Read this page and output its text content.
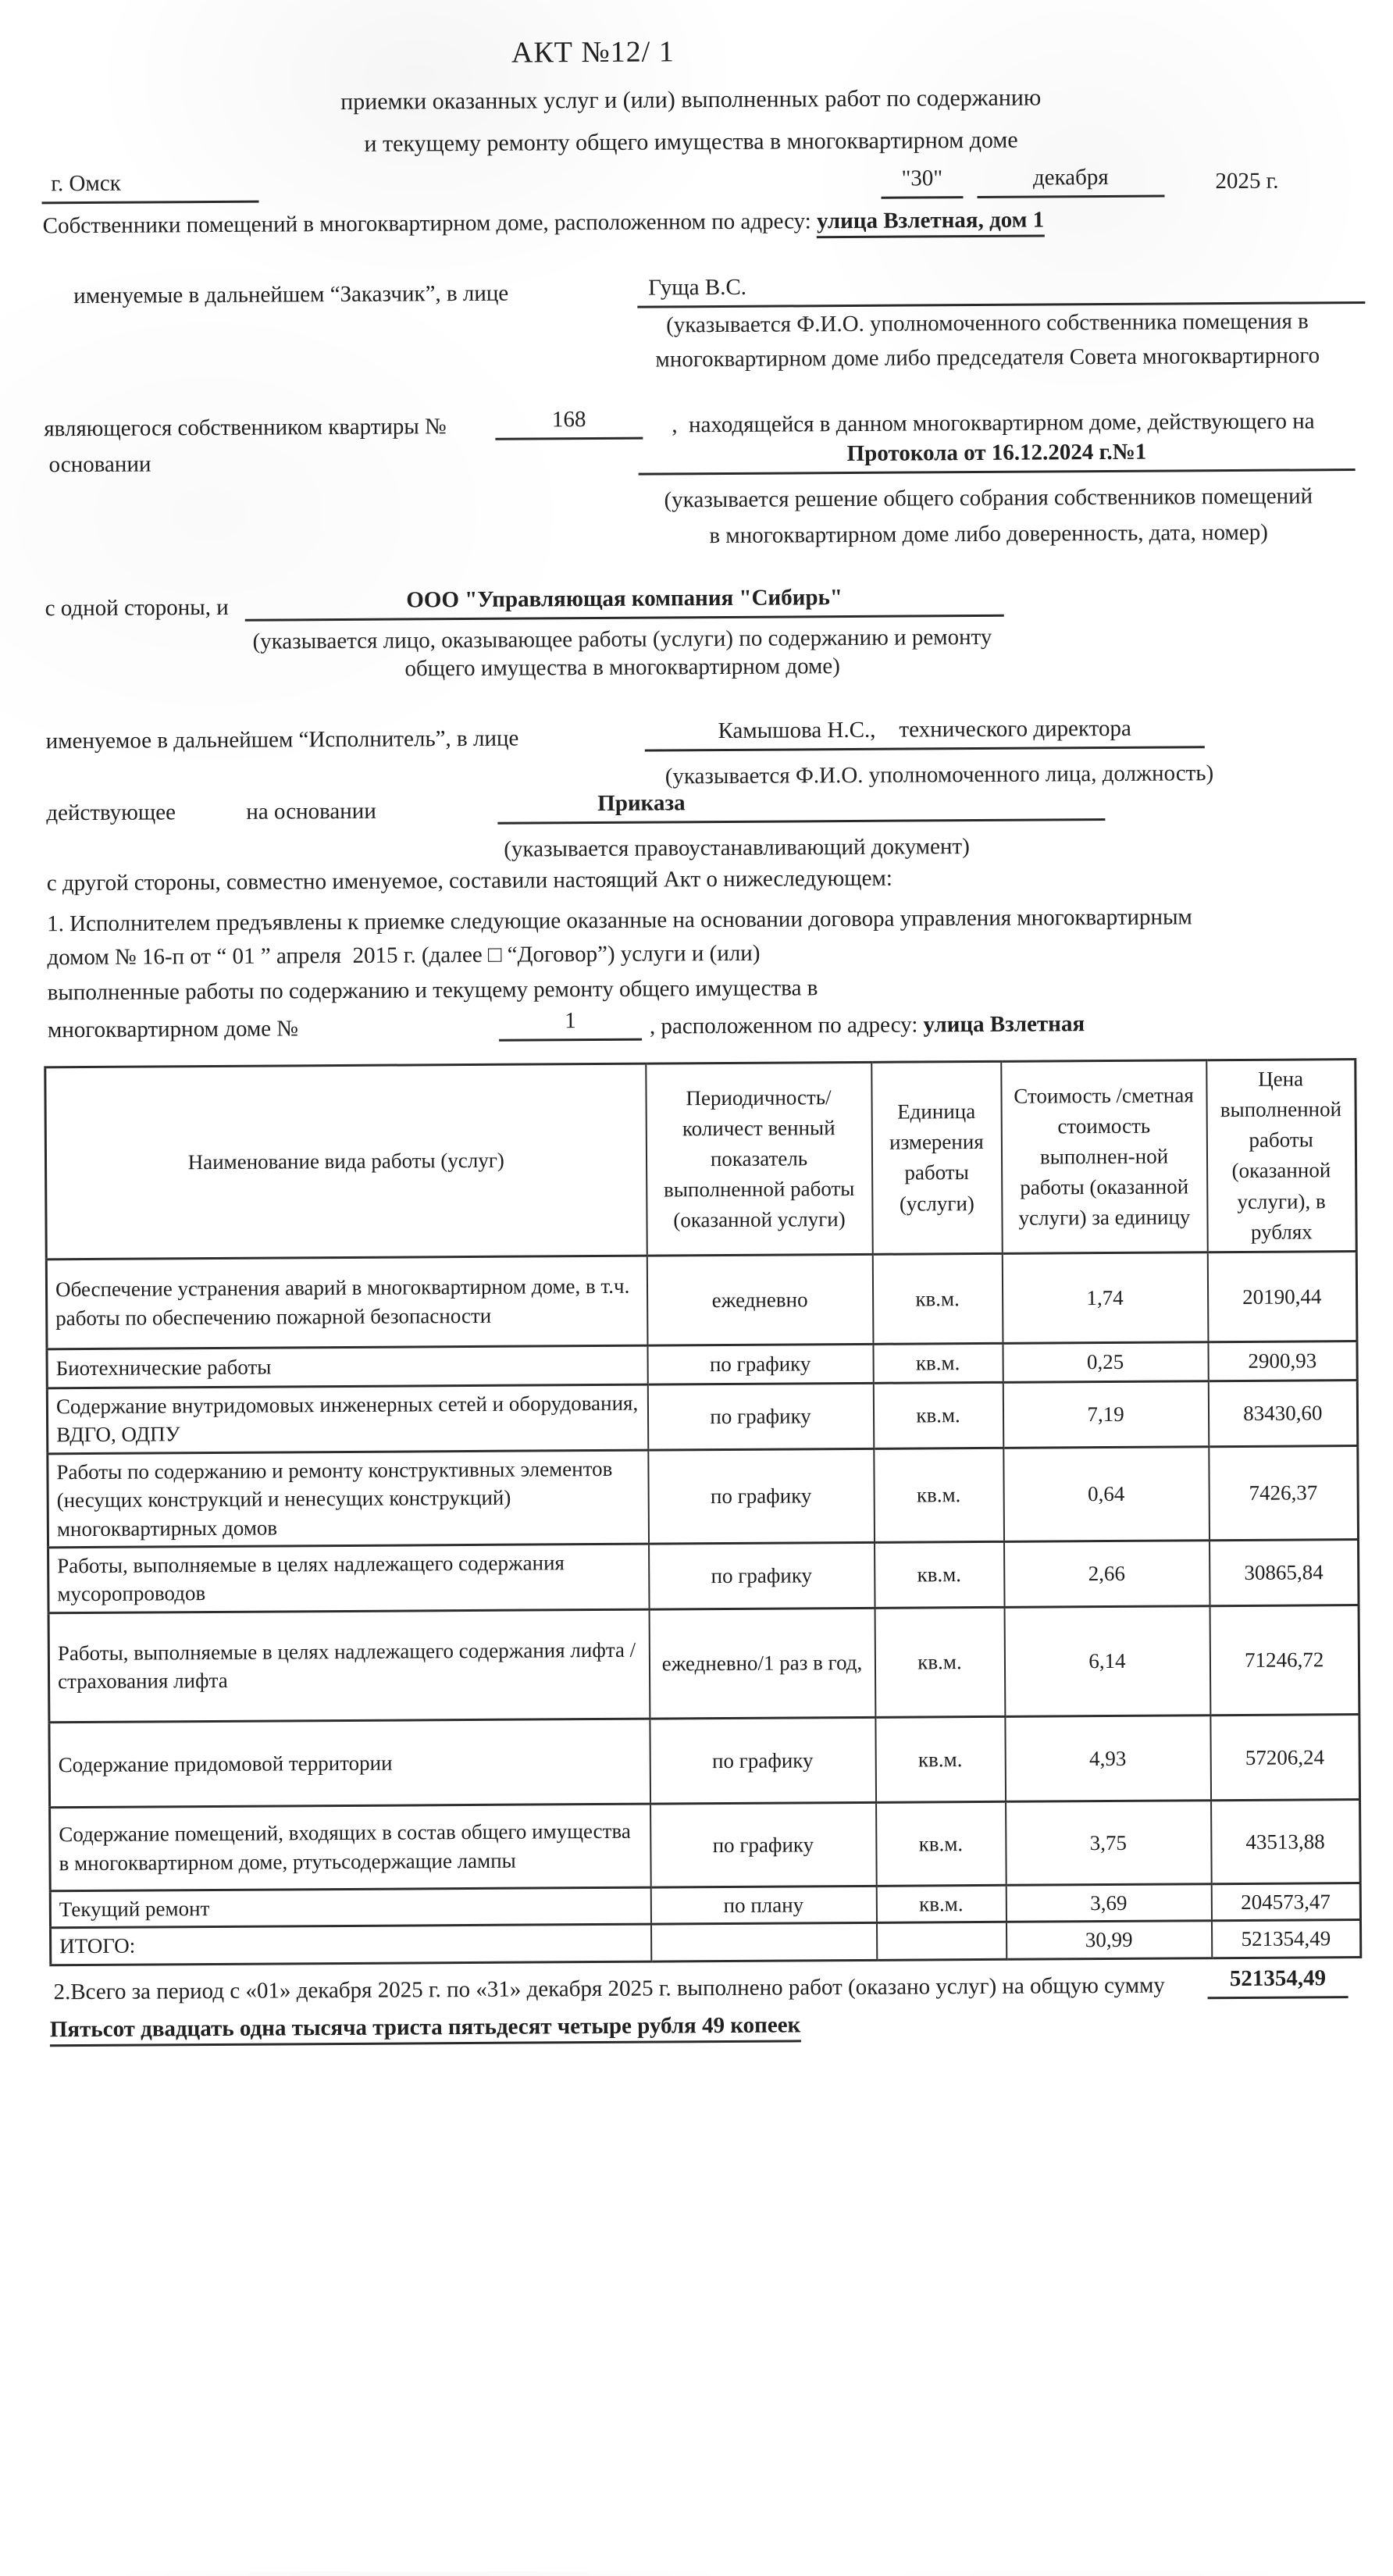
АКТ №12/ 1
приемки оказанных услуг и (или) выполненных работ по содержанию
и текущему ремонту общего имущества в многоквартирном доме
г. Омск	"30"	декабря	2025 г.
Собственники помещений в многоквартирном доме, расположенном по адресу: улица Взлетная, дом 1
именуемые в дальнейшем “Заказчик”, в лице	Гуща В.С.
(указывается Ф.И.О. уполномоченного собственника помещения в
многоквартирном доме либо председателя Совета многоквартирного
являющегося собственником квартиры №	168	,  находящейся в данном многоквартирном доме, действующего на
основании	Протокола от 16.12.2024 г.№1
(указывается решение общего собрания собственников помещений
в многоквартирном доме либо доверенность, дата, номер)
с одной стороны, и	ООО "Управляющая компания "Сибирь"
(указывается лицо, оказывающее работы (услуги) по содержанию и ремонту
общего имущества в многоквартирном доме)
именуемое в дальнейшем “Исполнитель”, в лице	Камышова Н.С., технического директора
(указывается Ф.И.О. уполномоченного лица, должность)
действующее	на основании	Приказа
(указывается правоустанавливающий документ)
с другой стороны, совместно именуемое, составили настоящий Акт о нижеследующем:
1. Исполнителем предъявлены к приемке следующие оказанные на основании договора управления многоквартирным
домом № 16-п от “ 01 ” апреля  2015 г. (далее □ “Договор”) услуги и (или)
выполненные работы по содержанию и текущему ремонту общего имущества в
многоквартирном доме №	1	, расположенном по адресу: улица Взлетная
Наименование вида работы (услуг)	Периодичность/количест венный показатель выполненной работы (оказанной услуги)	Единица измерения работы (услуги)	Стоимость /сметная стоимость выполнен-ной работы (оказанной услуги) за единицу	Цена выполненной работы (оказанной услуги), в рублях
Обеспечение устранения аварий в многоквартирном доме, в т.ч. работы по обеспечению пожарной безопасности	ежедневно	кв.м.	1,74	20190,44
Биотехнические работы	по графику	кв.м.	0,25	2900,93
Содержание внутридомовых инженерных сетей и оборудования, ВДГО, ОДПУ	по графику	кв.м.	7,19	83430,60
Работы по содержанию и ремонту конструктивных элементов (несущих конструкций и ненесущих конструкций) многоквартирных домов	по графику	кв.м.	0,64	7426,37
Работы, выполняемые в целях надлежащего содержания мусоропроводов	по графику	кв.м.	2,66	30865,84
Работы, выполняемые в целях надлежащего содержания лифта / страхования лифта	ежедневно/1 раз в год,	кв.м.	6,14	71246,72
Содержание придомовой территории	по графику	кв.м.	4,93	57206,24
Содержание помещений, входящих в состав общего имущества в многоквартирном доме, ртутьсодержащие лампы	по графику	кв.м.	3,75	43513,88
Текущий ремонт	по плану	кв.м.	3,69	204573,47
ИТОГО:			30,99	521354,49
2.Всего за период с «01» декабря 2025 г. по «31» декабря 2025 г. выполнено работ (оказано услуг) на общую сумму	521354,49
Пятьсот двадцать одна тысяча триста пятьдесят четыре рубля 49 копеек
